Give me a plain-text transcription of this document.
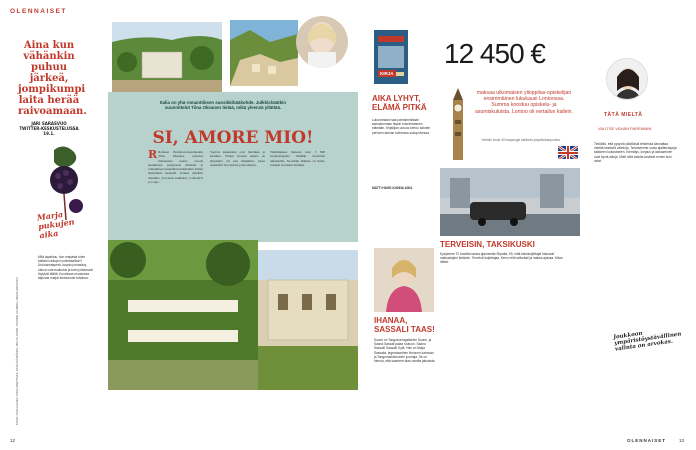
OLENNAISET
Aina kun vähänkin puhuu järkeä, jompikumpi laita herää raivoamaan.
JARI SARASVUO
TWITTER-KESKUSTELUSSA 19.1.
Marja pukujen aika
Mitä tapahtuu, kun marjasta tulee kaikkien aikojen kuninkaallisin? Uutuusmaaperä, kaunis punasävy, vahva vuorovaikutus ja tuttu juhlamuoti löytyvät täältä. Kuudessa muodossa taipuvat marjat kietoutuvat toisiinsa.
KUVAT: TUIJA ALANKO, TARJA MARTTINEN, KATJA KÄHKÖNEN, MIIA YLI-KOSKI, TUULIKKI LILLBERG, MERJA HIRVONEN
12
Italia on yhä romanttiksen suosikkihääkohde. Julkkishäätkin suunnittelut Tiina Oksanen tietää, mikä yleensä yllättää.
SI, AMORE MIO!
R Romaan Pantheon-monumentin Tiina Oksanen rokottaa tilaisuuden kautta vuosia kesäkuusta pohjoiseen ihmisiin ja romanttisen tunnelman hahmoihin Italian maisemien keskellä. Kaunis Amalfin rannikko, Toscanan kukkulat, Comojärvi ja Capri.
Sopivat kuukaudet ovat huhtikuu ja kesäkuu. Viiden vuoden aikana on järjestetty yli sata hääjuhlaa, joista useimmat Toscanassa ja Roomassa.
Tutkimuksen mukaan noin 3 800 suomalaisparia vihitään vuosittain ulkomailla. Suosituin häämaa on Italia, toiseksi suosituin Kreikka.
KIRJA
AIKA LYHYT, ELÄMÄ PITKÄ
Lukuromaani saa parhaimmillaan samastumaan täysin toiseenlaiseen elämään. Kirjailijan uutuus kertoo kahden perheen tarinan kolmessa sukupolvessa.
MATTI HAKE-KUNNA AIKA
12 450 €
maksaa ulkomaisen ylioppilas-opiskelijan ensimmäinen lukukausi Lontoossa. Summa koostuu opiskelu- ja asumiskuluista. Lontoo oli vertailun kallein.
Vertailu koski 40 kaupungin kalleinta yliopistokaupunkia.
TERVEISIN, TAKSIKUSKI
Kysyimme 37 kuskilta taksia ajanneelta Sirpalta, 59, mitä taksikuljettajat haluavat matkustajien tietävän. Tervehdi kuljettajaa. Kerro reitti selkeästi ja maksa ajoissa. Kiitos riittää.
IHANAA, SASSALI TAAS!
Suomi on Tangokuningattarien Suomi, ja Saana Sassali palaa ruutuun. Saana Sassali! Sassali! Kylä, Hän on Maija Sassalia, legendaarinen Nelonen kanavan ja Tangomarkkinoiden juontaja. Se on hienoa, että saamme taas nauttia jaksoista.
TÄTÄ MIELTÄ
VALITSE VÄHÄN PAREMMIN
Tiedätkö, että pysyviä päätöksiä tehdessä kannattaa miettiä kestäviä valintoja. Tarvitsemme uusia ajattelutapoja kaikkeen kulutukseen. Kierrätys, korjaus ja lainaaminen ovat hyviä alkuja. Mieti mitä todella tarvitset ennen kuin ostat.
Joukkoon ympäristöystävällinen valinta on arvokas.
OLENNAISET	13
